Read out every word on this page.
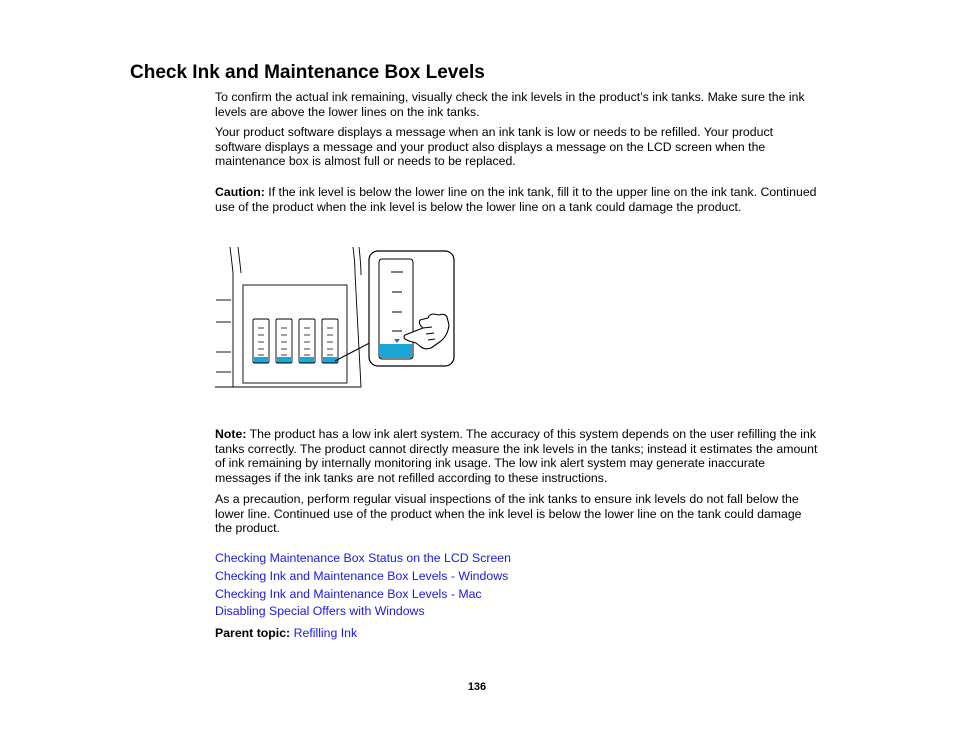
Check Ink and Maintenance Box Levels

To confirm the actual ink remaining, visually check the ink levels in the product’s ink tanks. Make sure the ink levels are above the lower lines on the ink tanks.

Your product software displays a message when an ink tank is low or needs to be refilled. Your product software displays a message and your product also displays a message on the LCD screen when the maintenance box is almost full or needs to be replaced.

Caution: If the ink level is below the lower line on the ink tank, fill it to the upper line on the ink tank. Continued use of the product when the ink level is below the lower line on a tank could damage the product.

Note: The product has a low ink alert system. The accuracy of this system depends on the user refilling the ink tanks correctly. The product cannot directly measure the ink levels in the tanks; instead it estimates the amount of ink remaining by internally monitoring ink usage. The low ink alert system may generate inaccurate messages if the ink tanks are not refilled according to these instructions.

As a precaution, perform regular visual inspections of the ink tanks to ensure ink levels do not fall below the lower line. Continued use of the product when the ink level is below the lower line on the tank could damage the product.

Checking Maintenance Box Status on the LCD Screen
Checking Ink and Maintenance Box Levels - Windows
Checking Ink and Maintenance Box Levels - Mac
Disabling Special Offers with Windows
Parent topic: Refilling Ink
136
